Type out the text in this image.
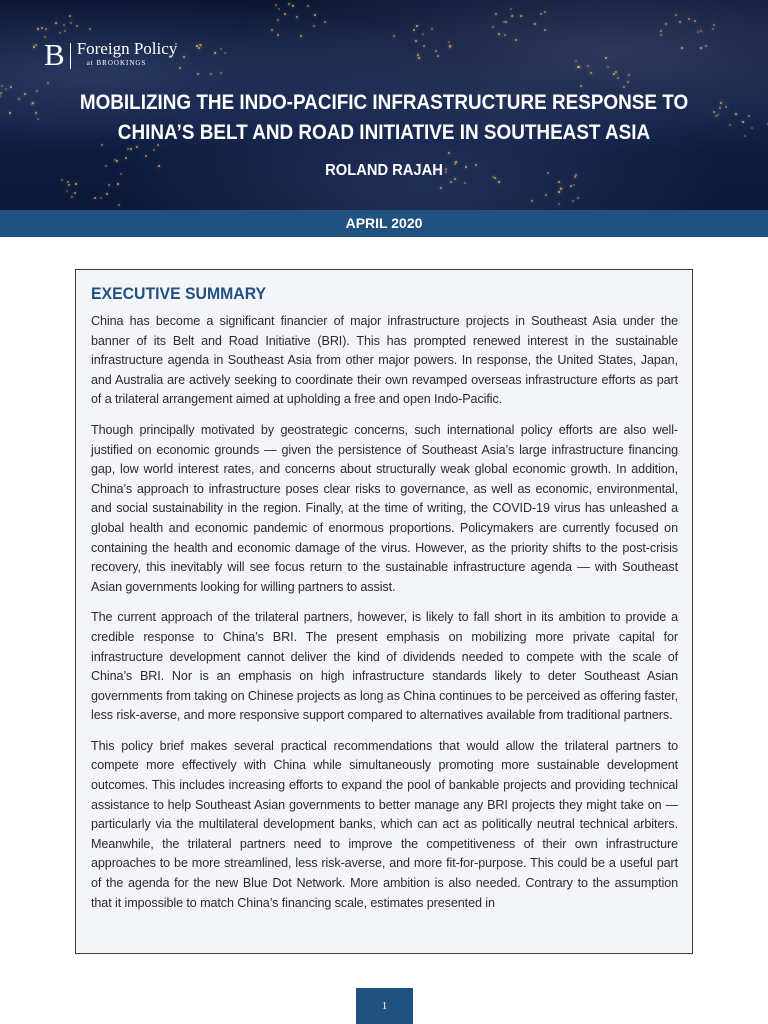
B Foreign Policy
at BROOKINGS
MOBILIZING THE INDO-PACIFIC INFRASTRUCTURE RESPONSE TO
CHINA’S BELT AND ROAD INITIATIVE IN SOUTHEAST ASIA
ROLAND RAJAH
APRIL 2020
EXECUTIVE SUMMARY

China has become a significant financier of major infrastructure projects in Southeast Asia under the banner of its Belt and Road Initiative (BRI). This has prompted renewed interest in the sustainable infrastructure agenda in Southeast Asia from other major powers. In response, the United States, Japan, and Australia are actively seeking to coordinate their own revamped overseas infrastructure efforts as part of a trilateral arrangement aimed at upholding a free and open Indo-Pacific.

Though principally motivated by geostrategic concerns, such international policy efforts are also well-justified on economic grounds — given the persistence of Southeast Asia’s large infrastructure financing gap, low world interest rates, and concerns about structurally weak global economic growth. In addition, China’s approach to infrastructure poses clear risks to governance, as well as economic, environmental, and social sustainability in the region. Finally, at the time of writing, the COVID-19 virus has unleashed a global health and economic pandemic of enormous proportions. Policymakers are currently focused on containing the health and economic damage of the virus. However, as the priority shifts to the post-crisis recovery, this inevitably will see focus return to the sustainable infrastructure agenda — with Southeast Asian governments looking for willing partners to assist.

The current approach of the trilateral partners, however, is likely to fall short in its ambition to provide a credible response to China’s BRI. The present emphasis on mobilizing more private capital for infrastructure development cannot deliver the kind of dividends needed to compete with the scale of China’s BRI. Nor is an emphasis on high infrastructure standards likely to deter Southeast Asian governments from taking on Chinese projects as long as China continues to be perceived as offering faster, less risk-averse, and more responsive support compared to alternatives available from traditional partners.

This policy brief makes several practical recommendations that would allow the trilateral partners to compete more effectively with China while simultaneously promoting more sustainable development outcomes. This includes increasing efforts to expand the pool of bankable projects and providing technical assistance to help Southeast Asian governments to better manage any BRI projects they might take on — particularly via the multilateral development banks, which can act as politically neutral technical arbiters. Meanwhile, the trilateral partners need to improve the competitiveness of their own infrastructure approaches to be more streamlined, less risk-averse, and more fit-for-purpose. This could be a useful part of the agenda for the new Blue Dot Network. More ambition is also needed. Contrary to the assumption that it impossible to match China’s financing scale, estimates presented in

1
